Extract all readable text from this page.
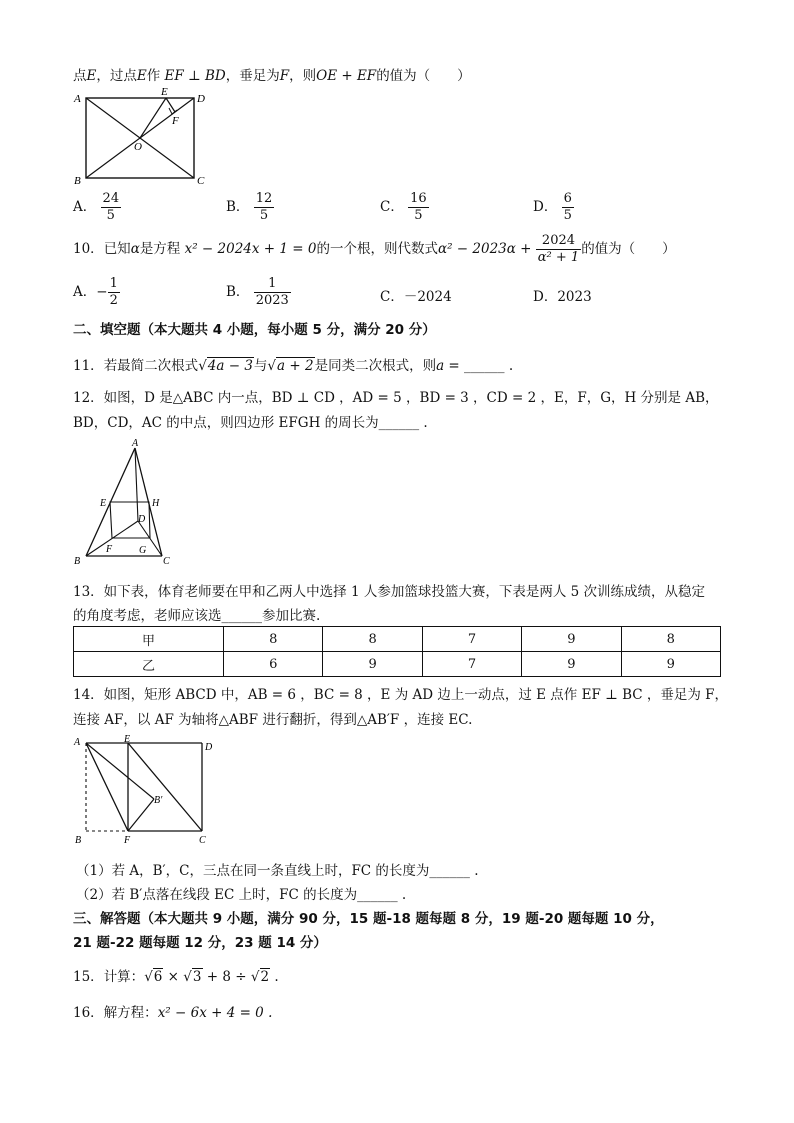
点E，过点E作 EF ⊥ BD，垂足为F，则OE + EF的值为（　　）
A
B	C
D
E
F
O
A． $\frac{24}{5}$	B． $\frac{12}{5}$	C． $\frac{16}{5}$	D． $\frac{6}{5}$
10．已知α是方程 x² − 2024x + 1 = 0的一个根，则代数式$\alpha^2 - 2023\alpha + \frac{2024}{\text{α² + 1}}$ 的值为（　　）
A．− $\frac{1}{2}$	B． $\frac{1}{2023}$	C．－2024	D．2023
二、填空题（本大题共 4 小题，每小题 5 分，满分 20 分）
11．若最简二次根式√4a − 3与√a + 2是同类二次根式，则a = ______ .
12．如图，D 是△ABC 内一点，BD ⊥ CD ，AD = 5 ，BD = 3 ，CD = 2 ，E，F，G，H 分别是 AB，
BD，CD，AC 的中点，则四边形 EFGH 的周长为______ .
A
B	C
D
E
F	G
H
13．如下表，体育老师要在甲和乙两人中选择 1 人参加篮球投篮大赛，下表是两人 5 次训练成绩，从稳定
的角度考虑，老师应该选______参加比赛.
甲	8	8	7	9	8
乙	6	9	7	9	9
14．如图，矩形 ABCD 中，AB = 6 ，BC = 8 ，E 为 AD 边上一动点，过 E 点作 EF ⊥ BC ，垂足为 F，
连接 AF，以 AF 为轴将△ABF 进行翻折，得到△AB′F ，连接 EC.
A
B	C
D
E
F
B′
（1）若 A，B′，C，三点在同一条直线上时，FC 的长度为______ .
（2）若 B′点落在线段 EC 上时，FC 的长度为______ .
三、解答题（本大题共 9 小题，满分 90 分，15 题-18 题每题 8 分，19 题-20 题每题 10 分，
21 题-22 题每题 12 分，23 题 14 分）
15．计算：√6 × √3 + 8 ÷ √2 .
16．解方程：x² − 6x + 4 = 0 .
